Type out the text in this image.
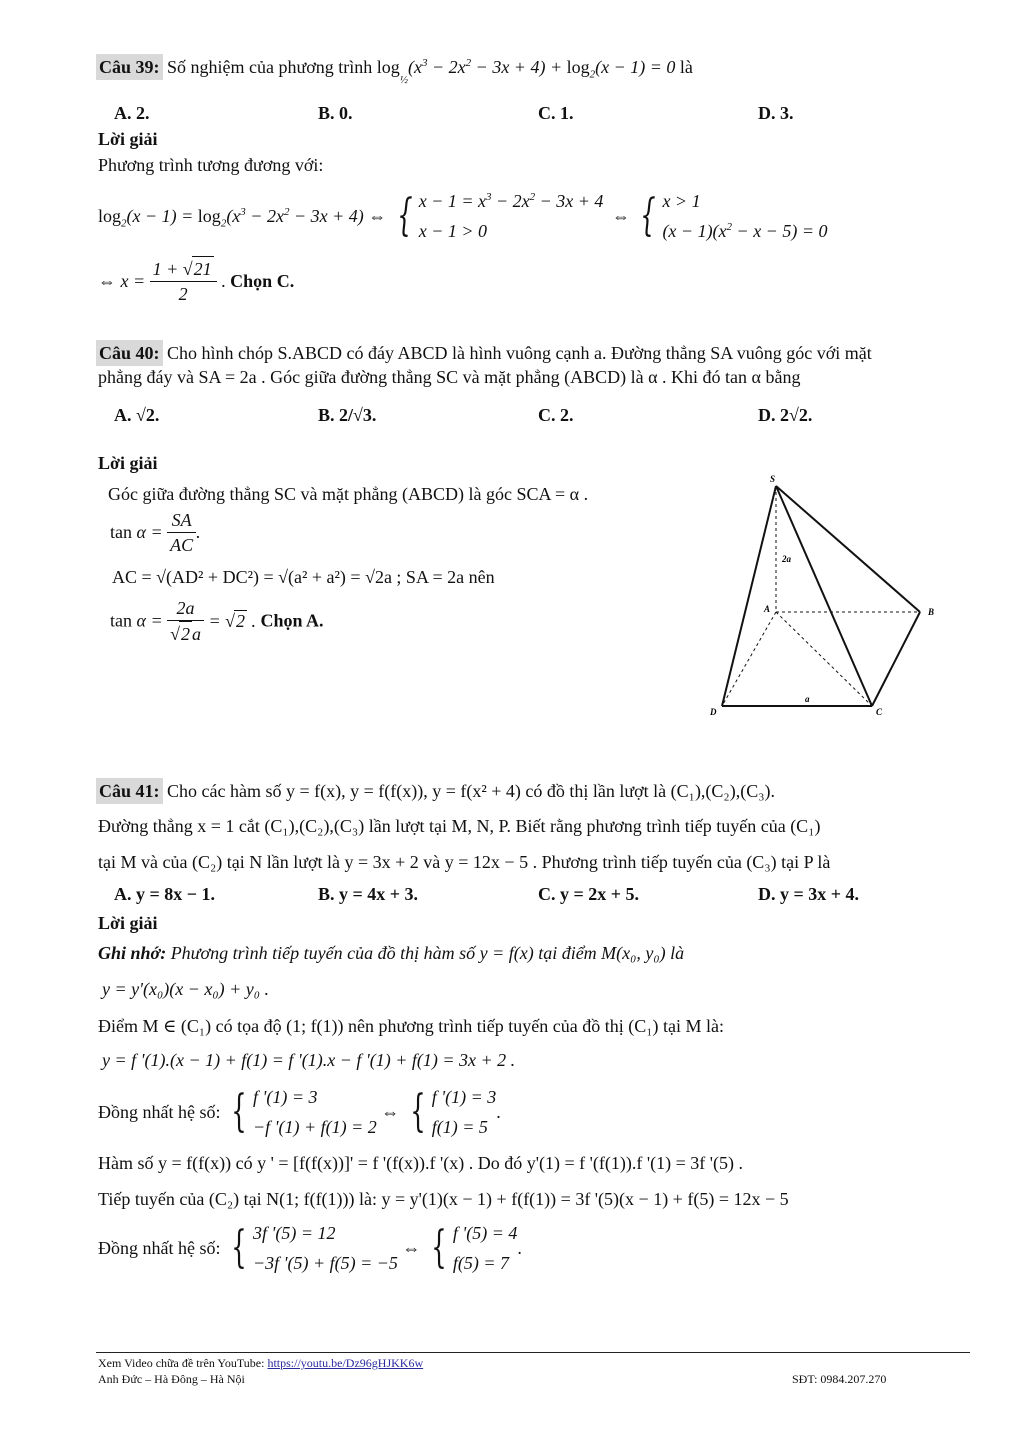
Câu 39: Số nghiệm của phương trình $\log_{\frac{1}{2}}(x^3 - 2x^2 - 3x + 4) + \log_2(x - 1) = 0$ là
A. 2.	B. 0.	C. 1.	D. 3.
Lời giải
Phương trình tương đương với:
$\log_2(x - 1) = \log_2(x^3 - 2x^2 - 3x + 4)$ ⇔ { $x - 1 = x^3 - 2x^2 - 3x + 4$
x − 1 > 0 ⇔ { x > 1
$(x - 1)(x^2 - x - 5) = 0$
⇔ $x = \frac{1 + √21}{2}$ . Chọn C.
Câu 40: Cho hình chóp S.ABCD có đáy ABCD là hình vuông cạnh a. Đường thẳng SA vuông góc với mặt
phẳng đáy và SA = 2a . Góc giữa đường thẳng SC và mặt phẳng (ABCD) là α . Khi đó tan α bằng
A. √2.	B. 2/√3.	C. 2.	D. 2√2.
Lời giải
Góc giữa đường thẳng SC và mặt phẳng (ABCD) là góc SCA = α .
$\tan \alpha = \frac{SA}{AC}$ .
AC = √(AD² + DC²) = √(a² + a²) = √2a ; SA = 2a nên
$\tan \alpha = \frac{2a}{√2 a} = √2$ . Chọn A.
S
A	B
C
D
2a
a
Câu 41: Cho các hàm số y = f(x), y = f(f(x)), y = f(x² + 4) có đồ thị lần lượt là (C₁),(C₂),(C₃).
Đường thẳng x = 1 cắt (C₁),(C₂),(C₃) lần lượt tại M, N, P. Biết rằng phương trình tiếp tuyến của (C₁)
tại M và của (C₂) tại N lần lượt là y = 3x + 2 và y = 12x − 5 . Phương trình tiếp tuyến của (C₃) tại P là
A. y = 8x − 1.	B. y = 4x + 3.	C. y = 2x + 5.	D. y = 3x + 4.
Lời giải
Ghi nhớ: Phương trình tiếp tuyến của đồ thị hàm số y = f(x) tại điểm M(x₀, y₀) là
y = y'(x₀)(x − x₀) + y₀ .
Điểm M ∈ (C₁) có tọa độ (1; f(1)) nên phương trình tiếp tuyến của đồ thị (C₁) tại M là:
y = f '(1).(x − 1) + f(1) = f '(1).x − f '(1) + f(1) = 3x + 2 .
Đồng nhất hệ số: { f '(1) = 3
−f '(1) + f(1) = 2 ⇔ { f '(1) = 3
f(1) = 5.
Hàm số y = f(f(x)) có y ' = [f(f(x))]' = f '(f(x)).f '(x) . Do đó y'(1) = f '(f(1)).f '(1) = 3f '(5) .
Tiếp tuyến của (C₂) tại N(1; f(f(1))) là: y = y'(1)(x − 1) + f(f(1)) = 3f '(5)(x − 1) + f(5) = 12x − 5
Đồng nhất hệ số: { 3f '(5) = 12
−3f '(5) + f(5) = −5 ⇔ { f '(5) = 4
f(5) = 7.
Xem Video chữa đề trên YouTube: https://youtu.be/Dz96gHJKK6w
Anh Đức – Hà Đông – Hà Nội	SĐT: 0984.207.270
